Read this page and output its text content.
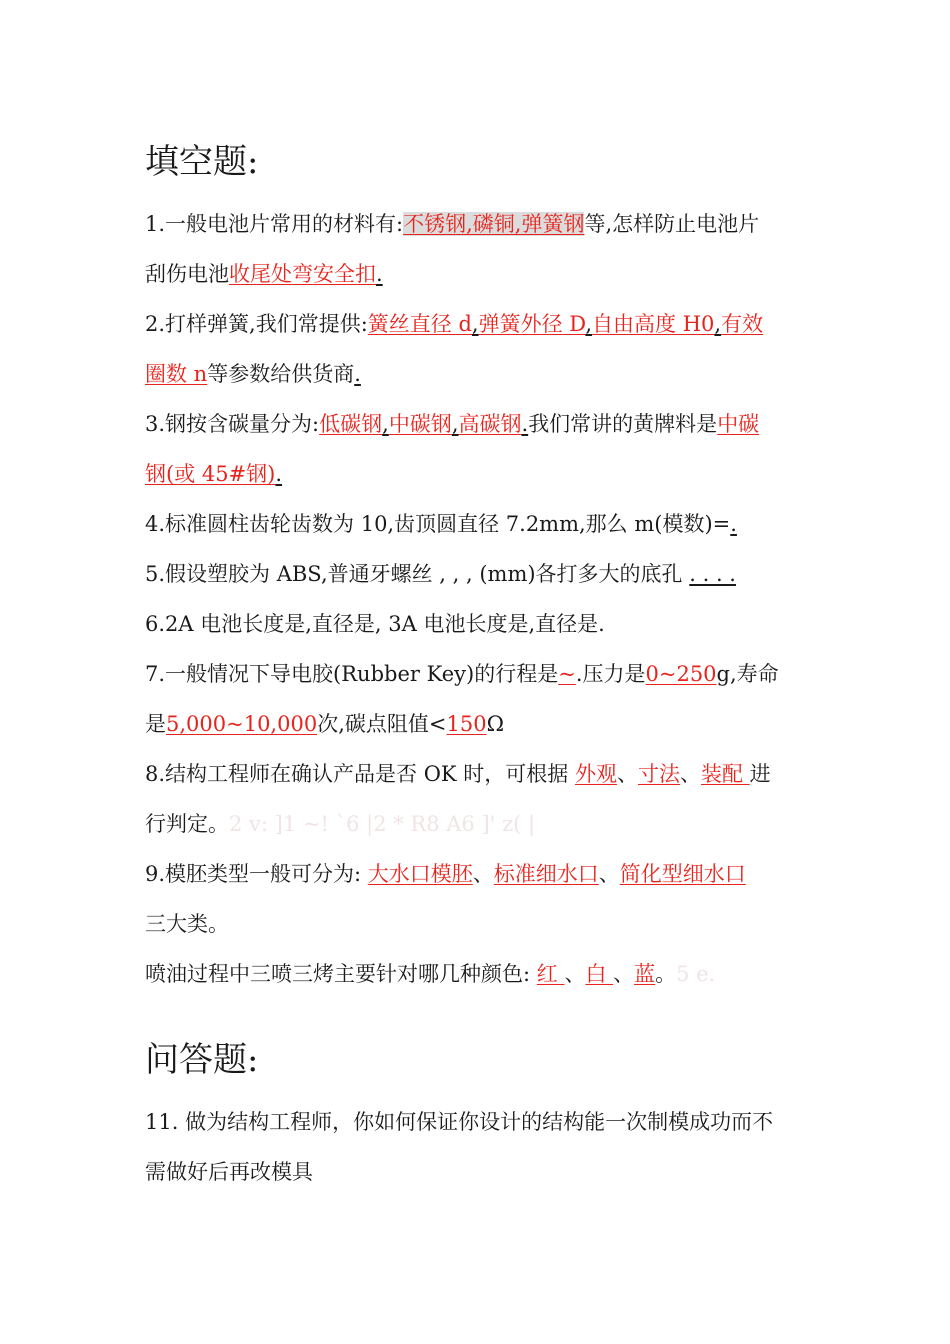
填空题:
1.一般电池片常用的材料有:不锈钢,磷铜,弹簧钢等,怎样防止电池片
刮伤电池收尾处弯安全扣.
2.打样弹簧,我们常提供:簧丝直径 d,弹簧外径 D,自由高度 H0,有效
圈数 n等参数给供货商.
3.钢按含碳量分为:低碳钢,中碳钢,高碳钢.我们常讲的黄牌料是中碳
钢(或 45#钢).
4.标准圆柱齿轮齿数为 10,齿顶圆直径 7.2mm,那么 m(模数)=.
5.假设塑胶为 ABS,普通牙螺丝 , , , (mm)各打多大的底孔 . . . .
6.2A 电池长度是,直径是, 3A 电池长度是,直径是.
7.一般情况下导电胶(Rubber Key)的行程是~.压力是0~250g,寿命
是5,000~10,000次,碳点阻值<150Ω
8.结构工程师在确认产品是否 OK 时，可根据 外观、寸法、装配 进
行判定。2 v: ]1 ~! `6 |2 * R8 A6 ]' z( |
9.模胚类型一般可分为: 大水口模胚、标准细水口、简化型细水口
三大类。
喷油过程中三喷三烤主要针对哪几种颜色: 红 、白 、蓝。5 e.
问答题:
11. 做为结构工程师，你如何保证你设计的结构能一次制模成功而不
需做好后再改模具
